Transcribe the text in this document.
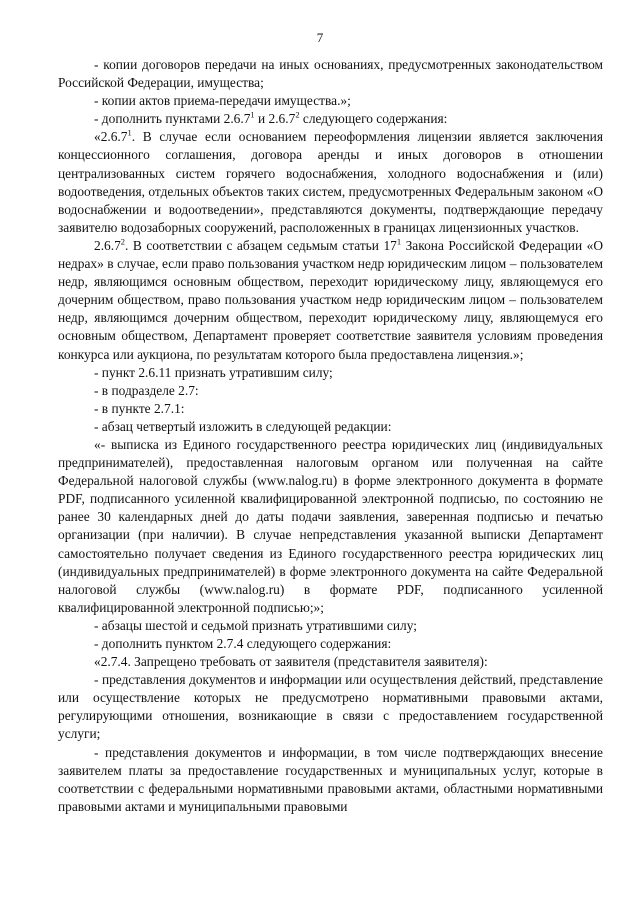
7

- копии договоров передачи на иных основаниях, предусмотренных законодательством Российской Федерации, имущества;

- копии актов приема-передачи имущества.»;

- дополнить пунктами 2.6.7$^1$ и 2.6.7$^2$ следующего содержания:

«2.6.7$^1$. В случае если основанием переоформления лицензии является заключения концессионного соглашения, договора аренды и иных договоров в отношении централизованных систем горячего водоснабжения, холодного водоснабжения и (или) водоотведения, отдельных объектов таких систем, предусмотренных Федеральным законом «О водоснабжении и водоотведении», представляются документы, подтверждающие передачу заявителю водозаборных сооружений, расположенных в границах лицензионных участков.

2.6.7$^2$. В соответствии с абзацем седьмым статьи $17^1$ Закона Российской Федерации «О недрах» в случае, если право пользования участком недр юридическим лицом – пользователем недр, являющимся основным обществом, переходит юридическому лицу, являющемуся его дочерним обществом, право пользования участком недр юридическим лицом – пользователем недр, являющимся дочерним обществом, переходит юридическому лицу, являющемуся его основным обществом, Департамент проверяет соответствие заявителя условиям проведения конкурса или аукциона, по результатам которого была предоставлена лицензия.»;

- пункт 2.6.11 признать утратившим силу;

- в подразделе 2.7:

- в пункте 2.7.1:

- абзац четвертый изложить в следующей редакции:

«- выписка из Единого государственного реестра юридических лиц (индивидуальных предпринимателей), предоставленная налоговым органом или полученная на сайте Федеральной налоговой службы (www.nalog.ru) в форме электронного документа в формате PDF, подписанного усиленной квалифицированной электронной подписью, по состоянию не ранее 30 календарных дней до даты подачи заявления, заверенная подписью и печатью организации (при наличии). В случае непредставления указанной выписки Департамент самостоятельно получает сведения из Единого государственного реестра юридических лиц (индивидуальных предпринимателей) в форме электронного документа на сайте Федеральной налоговой службы (www.nalog.ru) в формате PDF, подписанного усиленной квалифицированной электронной подписью;»;

- абзацы шестой и седьмой признать утратившими силу;

- дополнить пунктом 2.7.4 следующего содержания:

«2.7.4. Запрещено требовать от заявителя (представителя заявителя):

- представления документов и информации или осуществления действий, представление или осуществление которых не предусмотрено нормативными правовыми актами, регулирующими отношения, возникающие в связи с предоставлением государственной услуги;

- представления документов и информации, в том числе подтверждающих внесение заявителем платы за предоставление государственных и муниципальных услуг, которые в соответствии с федеральными нормативными правовыми актами, областными нормативными правовыми актами и муниципальными правовыми
